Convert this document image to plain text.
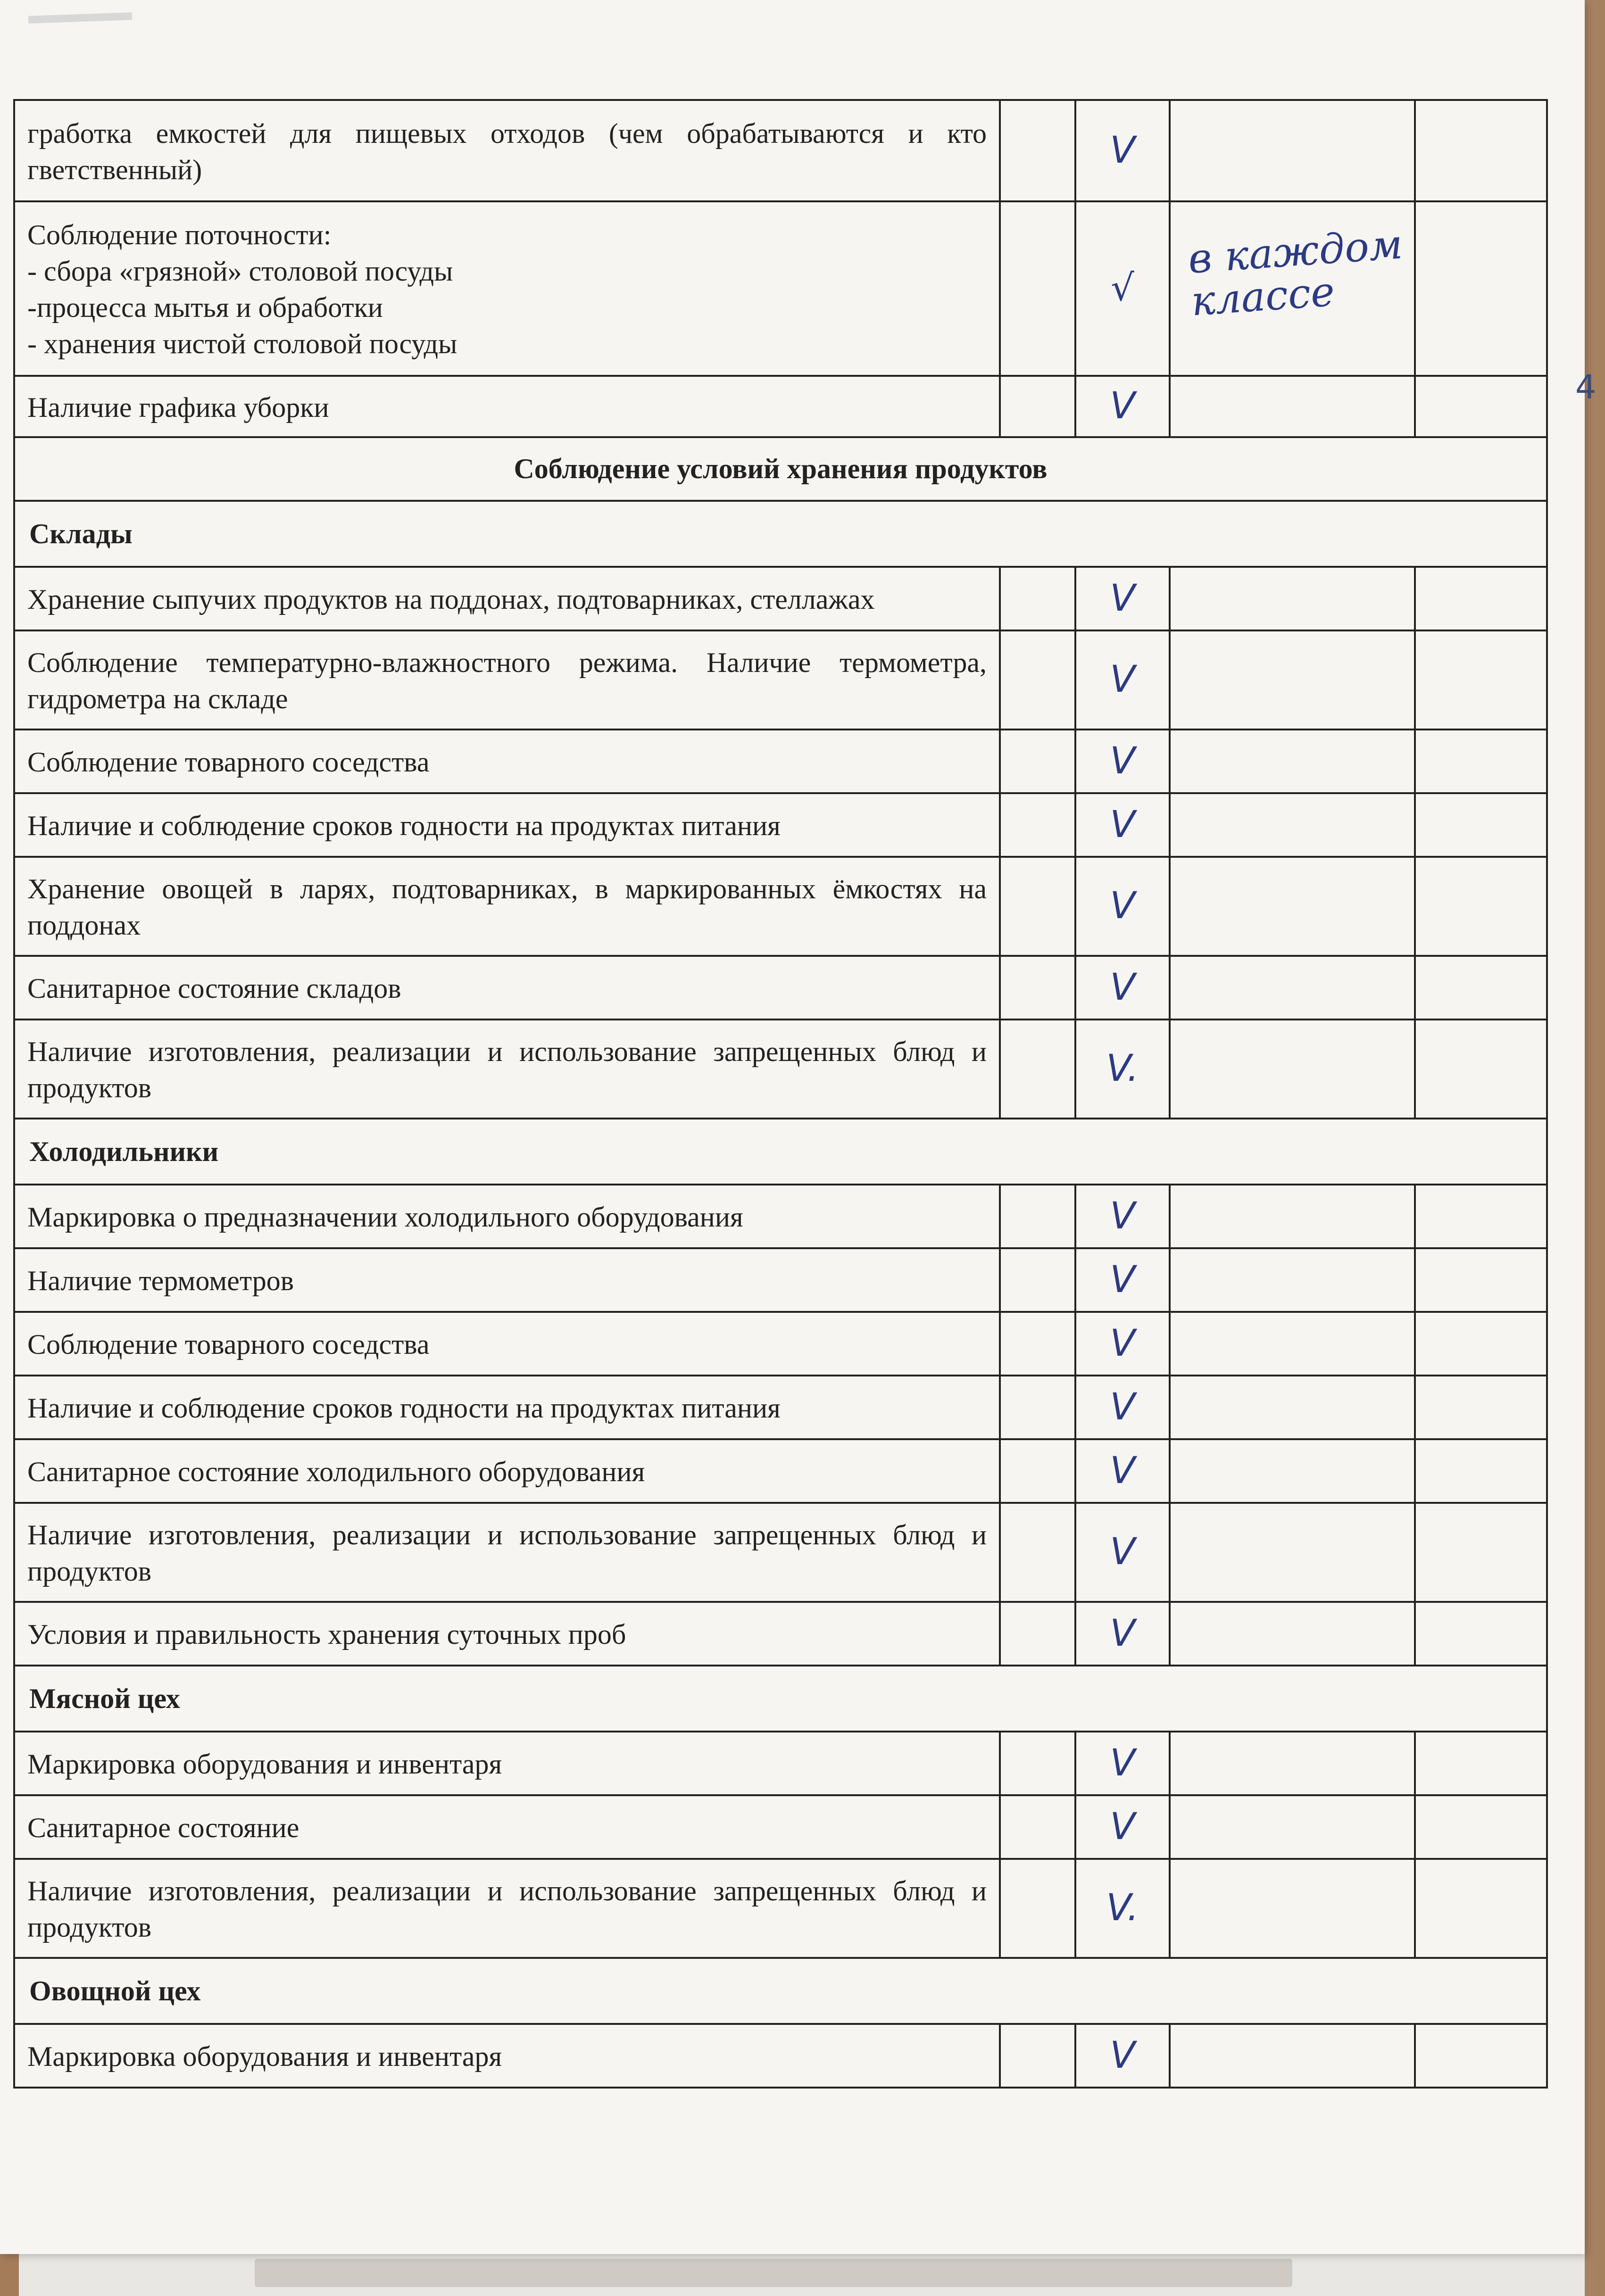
гработка емкостей для пищевых отходов (чем обрабатываются и кто гветственный)		V		

Соблюдение поточности:
- сбора «грязной» столовой посуды
-процесса мытья и обработки
- хранения чистой столовой посуды		√	в каждом
классе	

Наличие графика уборки		V		
Соблюдение условий хранения продуктов				
Склады				

Хранение сыпучих продуктов на поддонах, подтоварниках, стеллажах		V		

Соблюдение температурно-влажностного режима. Наличие термометра, гидрометра на складе		V		

Соблюдение товарного соседства		V		

Наличие и соблюдение сроков годности на продуктах питания		V		

Хранение овощей в ларях, подтоварниках, в маркированных ёмкостях на поддонах		V		

Санитарное состояние складов		V		

Наличие изготовления, реализации и использование запрещенных блюд и продуктов		V.		
Холодильники				

Маркировка о предназначении холодильного оборудования		V		

Наличие термометров		V		

Соблюдение товарного соседства		V		

Наличие и соблюдение сроков годности на продуктах питания		V		

Санитарное состояние холодильного оборудования		V		

Наличие изготовления, реализации и использование запрещенных блюд и продуктов		V		

Условия и правильность хранения суточных проб		V		
Мясной цех				

Маркировка оборудования и инвентаря		V		

Санитарное состояние		V		

Наличие изготовления, реализации и использование запрещенных блюд и продуктов		V.		
Овощной цех				

Маркировка оборудования и инвентаря		V		
4
